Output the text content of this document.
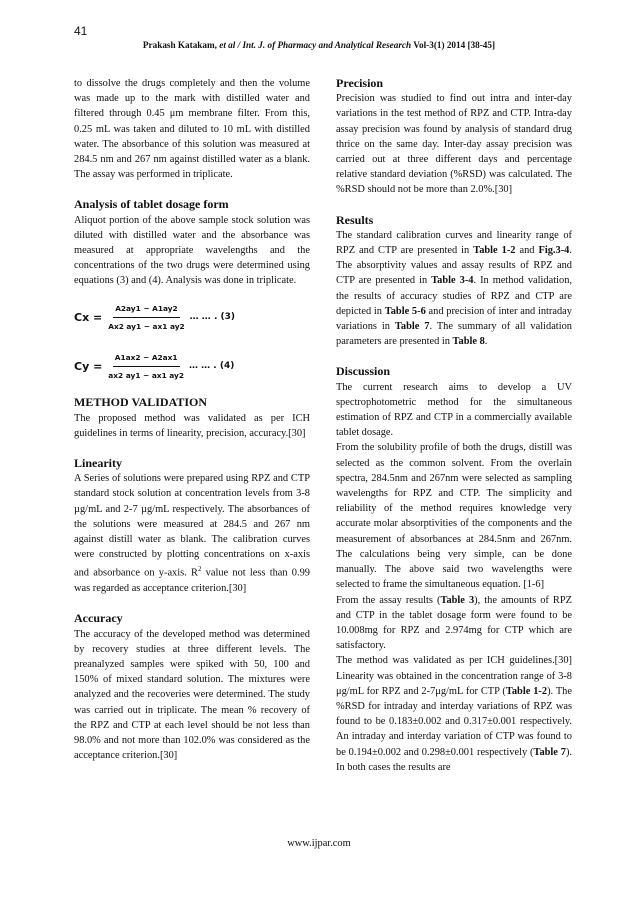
41
Prakash Katakam, et al / Int. J. of Pharmacy and Analytical Research Vol-3(1) 2014 [38-45]

to dissolve the drugs completely and then the volume was made up to the mark with distilled water and filtered through 0.45 μm membrane filter. From this, 0.25 mL was taken and diluted to 10 mL with distilled water. The absorbance of this solution was measured at 284.5 nm and 267 nm against distilled water as a blank. The assay was performed in triplicate.

Analysis of tablet dosage form

Aliquot portion of the above sample stock solution was diluted with distilled water and the absorbance was measured at appropriate wavelengths and the concentrations of the two drugs were determined using equations (3) and (4). Analysis was done in triplicate.

$Cx = \frac{A2ay1 - A1ay2}{Ax2 ay1 - ax1 ay2}$ … … . (3)
$Cy = \frac{A1ax2 - A2ax1}{ax2 ay1 - ax1 ay2}$ … … . (4)
METHOD VALIDATION

The proposed method was validated as per ICH guidelines in terms of linearity, precision, accuracy.[30]

Linearity

A Series of solutions were prepared using RPZ and CTP standard stock solution at concentration levels from 3-8 µg/mL and 2-7 µg/mL respectively. The absorbances of the solutions were measured at 284.5 and 267 nm against distill water as blank. The calibration curves were constructed by plotting concentrations on x-axis and absorbance on y-axis. $R^2$ value not less than 0.99 was regarded as acceptance criterion.[30]

Accuracy

The accuracy of the developed method was determined by recovery studies at three different levels. The preanalyzed samples were spiked with 50, 100 and 150% of mixed standard solution. The mixtures were analyzed and the recoveries were determined. The study was carried out in triplicate. The mean % recovery of the RPZ and CTP at each level should be not less than 98.0% and not more than 102.0% was considered as the acceptance criterion.[30]

Precision

Precision was studied to find out intra and inter-day variations in the test method of RPZ and CTP. Intra-day assay precision was found by analysis of standard drug thrice on the same day. Inter-day assay precision was carried out at three different days and percentage relative standard deviation (%RSD) was calculated. The %RSD should not be more than 2.0%.[30]

Results

The standard calibration curves and linearity range of RPZ and CTP are presented in Table 1-2 and Fig.3-4. The absorptivity values and assay results of RPZ and CTP are presented in Table 3-4. In method validation, the results of accuracy studies of RPZ and CTP are depicted in Table 5-6 and precision of inter and intraday variations in Table 7. The summary of all validation parameters are presented in Table 8.

Discussion

The current research aims to develop a UV spectrophotometric method for the simultaneous estimation of RPZ and CTP in a commercially available tablet dosage.

From the solubility profile of both the drugs, distill was selected as the common solvent. From the overlain spectra, 284.5nm and 267nm were selected as sampling wavelengths for RPZ and CTP. The simplicity and reliability of the method requires knowledge very accurate molar absorptivities of the components and the measurement of absorbances at 284.5nm and 267nm. The calculations being very simple, can be done manually. The above said two wavelengths were selected to frame the simultaneous equation. [1-6]

From the assay results (Table 3), the amounts of RPZ and CTP in the tablet dosage form were found to be 10.008mg for RPZ and 2.974mg for CTP which are satisfactory.

The method was validated as per ICH guidelines.[30] Linearity was obtained in the concentration range of 3-8 μg/mL for RPZ and 2-7μg/mL for CTP (Table 1-2). The %RSD for intraday and interday variations of RPZ was found to be 0.183±0.002 and 0.317±0.001 respectively. An intraday and interday variation of CTP was found to be 0.194±0.002 and 0.298±0.001 respectively (Table 7). In both cases the results are

www.ijpar.com
